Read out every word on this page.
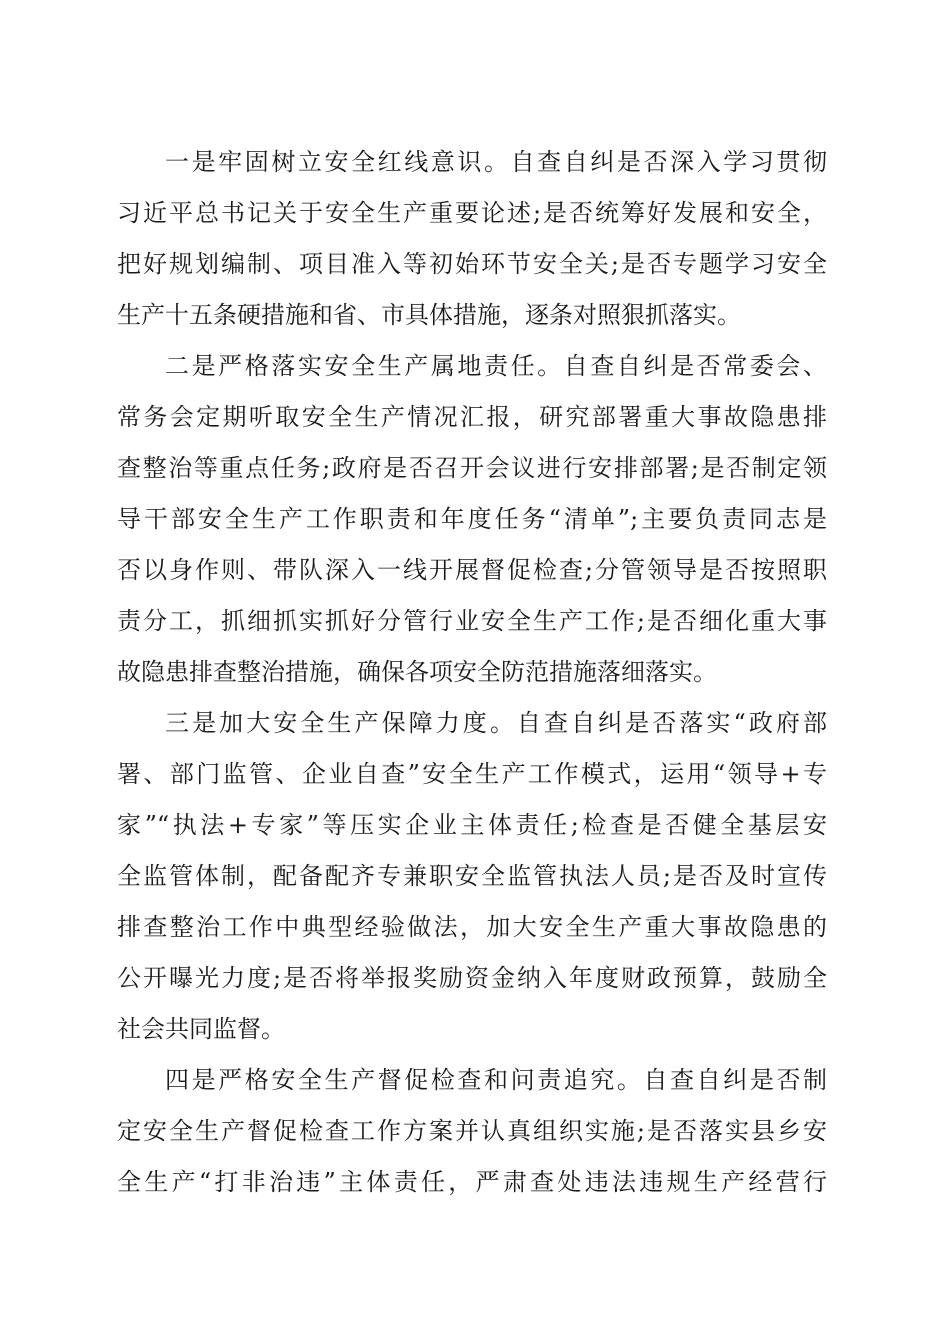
一是牢固树立安全红线意识。自查自纠是否深入学习贯彻
习近平总书记关于安全生产重要论述;是否统筹好发展和安全，
把好规划编制、项目准入等初始环节安全关;是否专题学习安全
生产十五条硬措施和省、市具体措施，逐条对照狠抓落实。
二是严格落实安全生产属地责任。自查自纠是否常委会、
常务会定期听取安全生产情况汇报，研究部署重大事故隐患排
查整治等重点任务;政府是否召开会议进行安排部署;是否制定领
导干部安全生产工作职责和年度任务“清单”;主要负责同志是
否以身作则、带队深入一线开展督促检查;分管领导是否按照职
责分工，抓细抓实抓好分管行业安全生产工作;是否细化重大事
故隐患排查整治措施，确保各项安全防范措施落细落实。
三是加大安全生产保障力度。自查自纠是否落实“政府部
署、部门监管、企业自查”安全生产工作模式，运用“领导+专
家”“执法+专家”等压实企业主体责任;检查是否健全基层安
全监管体制，配备配齐专兼职安全监管执法人员;是否及时宣传
排查整治工作中典型经验做法，加大安全生产重大事故隐患的
公开曝光力度;是否将举报奖励资金纳入年度财政预算，鼓励全
社会共同监督。
四是严格安全生产督促检查和问责追究。自查自纠是否制
定安全生产督促检查工作方案并认真组织实施;是否落实县乡安
全生产“打非治违”主体责任，严肃查处违法违规生产经营行
